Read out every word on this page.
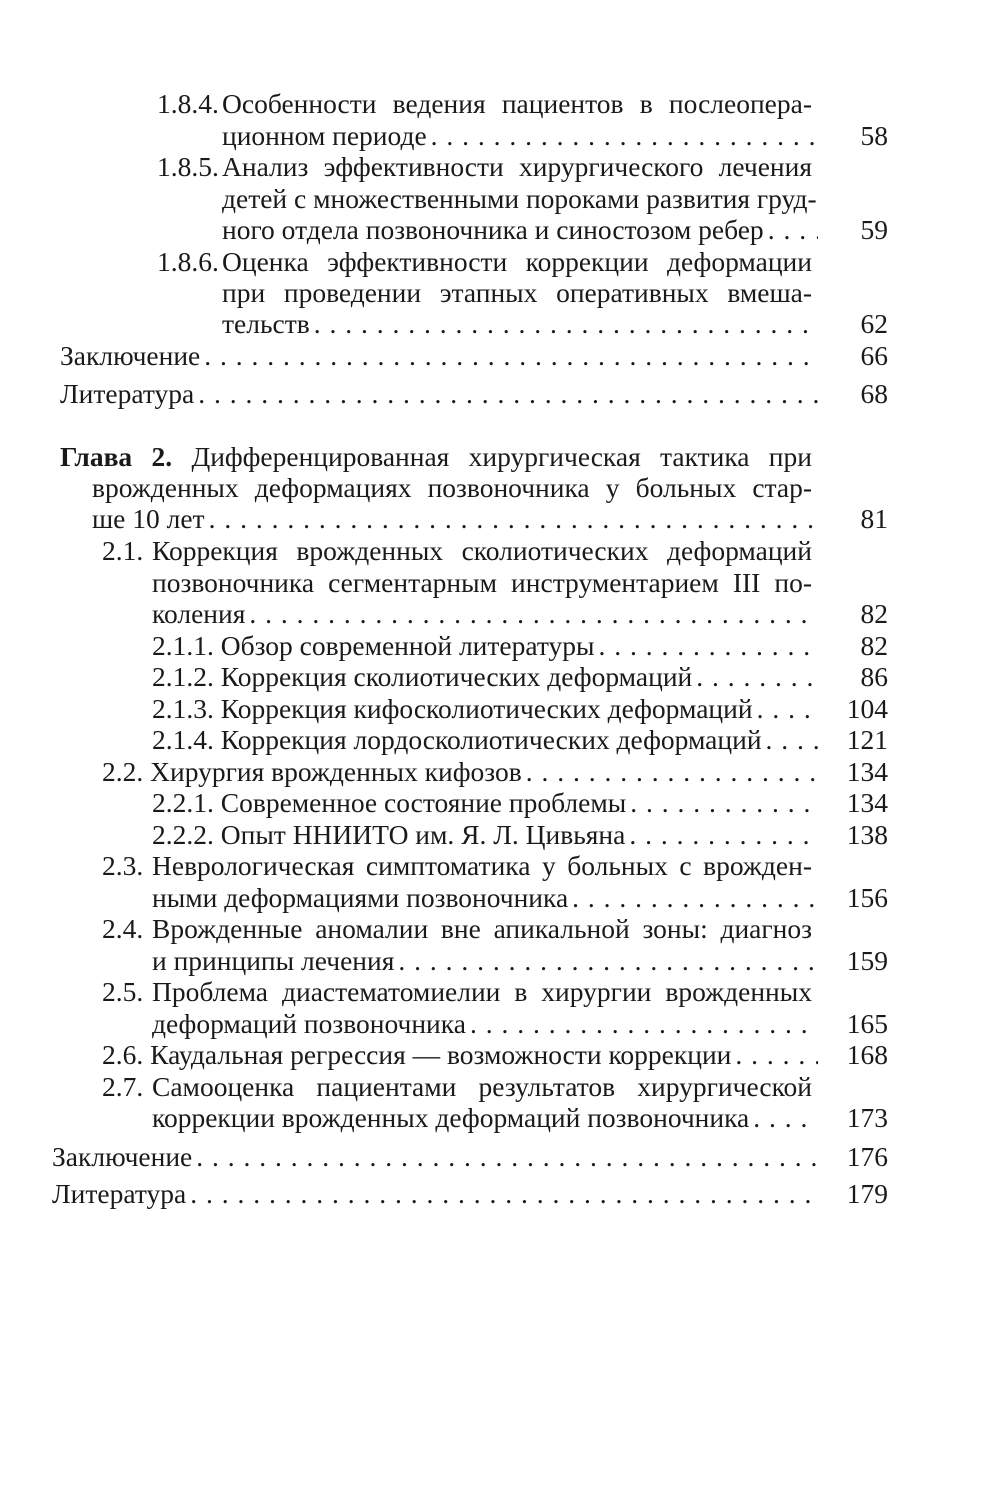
1.8.4. Особенности ведения пациентов в послеопера-
ционном периоде . . .	58
1.8.5. Анализ эффективности хирургического лечения
детей с множественными пороками развития груд-
ного отдела позвоночника и синостозом ребер . . .	59
1.8.6. Оценка эффективности коррекции деформации
при проведении этапных оперативных вмеша-
тельств . . .	62
Заключение . . .	66
Литература . . .	68
Глава 2. Дифференцированная хирургическая тактика при
врожденных деформациях позвоночника у больных стар-
ше 10 лет . . .	81
2.1. Коррекция врожденных сколиотических деформаций
позвоночника сегментарным инструментарием III по-
коления . . .	82
2.1.1. Обзор современной литературы . . .	82
2.1.2. Коррекция сколиотических деформаций . . .	86
2.1.3. Коррекция кифосколиотических деформаций . . .	104
2.1.4. Коррекция лордосколиотических деформаций . . .	121
2.2. Хирургия врожденных кифозов . . .	134
2.2.1. Современное состояние проблемы . . .	134
2.2.2. Опыт ННИИТО им. Я. Л. Цивьяна . . .	138
2.3. Неврологическая симптоматика у больных с врожден-
ными деформациями позвоночника . . .	156
2.4. Врожденные аномалии вне апикальной зоны: диагноз
и принципы лечения . . .	159
2.5. Проблема диастематомиелии в хирургии врожденных
деформаций позвоночника . . .	165
2.6. Каудальная регрессия — возможности коррекции . . .	168
2.7. Самооценка пациентами результатов хирургической
коррекции врожденных деформаций позвоночника . . .	173
Заключение . . .	176
Литература . . .	179
